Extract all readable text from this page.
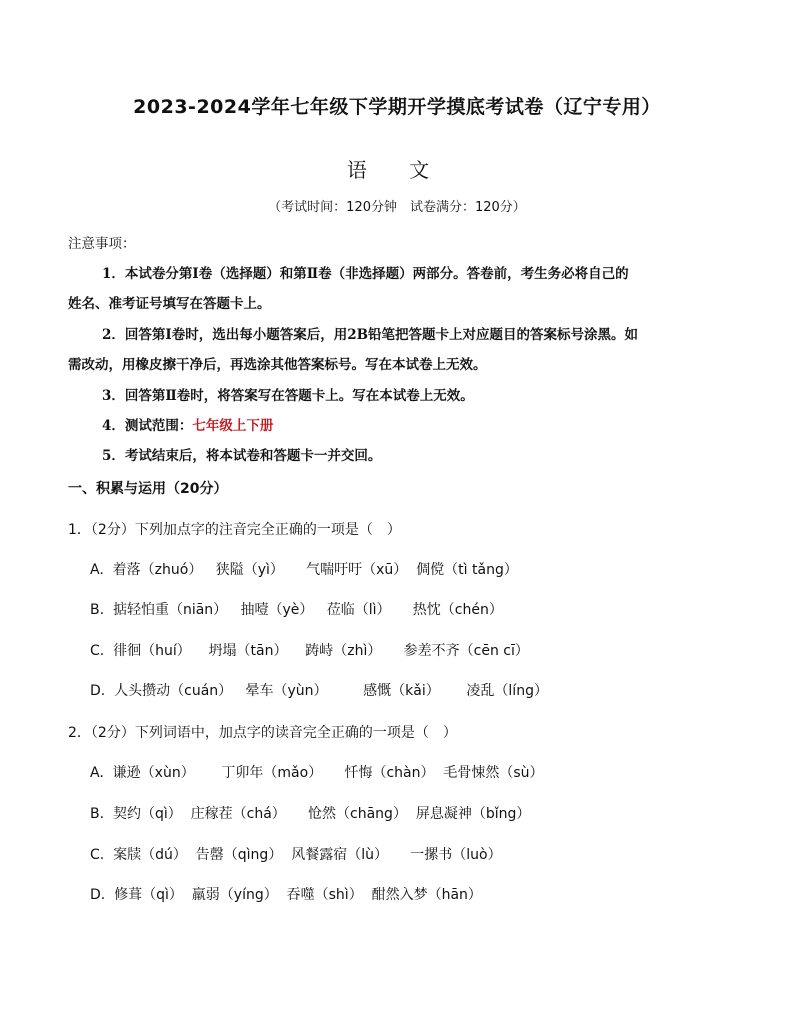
2023-2024学年七年级下学期开学摸底考试卷（辽宁专用）
语 文
（考试时间：120分钟　试卷满分：120分）
注意事项：
1．本试卷分第Ⅰ卷（选择题）和第Ⅱ卷（非选择题）两部分。答卷前，考生务必将自己的
姓名、准考证号填写在答题卡上。
2．回答第Ⅰ卷时，选出每小题答案后，用2B铅笔把答题卡上对应题目的答案标号涂黑。如
需改动，用橡皮擦干净后，再选涂其他答案标号。写在本试卷上无效。
3．回答第Ⅱ卷时，将答案写在答题卡上。写在本试卷上无效。
4．测试范围：七年级上下册
5．考试结束后，将本试卷和答题卡一并交回。
一、积累与运用（20分）
1．（2分）下列加点字的注音完全正确的一项是（　）
A.  着落（zhuó）   狭隘（yì）     气喘吁吁（xū）  倜傥（tì tǎng）
B.  掂轻怕重（niān）   抽噎（yè）   莅临（lì）     热忱（chén）
C.  徘徊（huí）    坍塌（tān）    踌峙（zhì）     参差不齐（cēn cī）
D.  人头攒动（cuán）   晕车（yùn）        感慨（kǎi）      凌乱（líng）
2．（2分）下列词语中，加点字的读音完全正确的一项是（　）
A.  谦逊（xùn）      丁卯年（mǎo）     忏悔（chàn）  毛骨悚然（sù）
B.  契约（qì）  庄稼茬（chá）     怆然（chāng）  屏息凝神（bǐng）
C.  案牍（dú）  告罄（qìng）  风餐露宿（lù）     一摞书（luò）
D.  修葺（qì）  羸弱（yíng）  吞噬（shì）  酣然入梦（hān）
